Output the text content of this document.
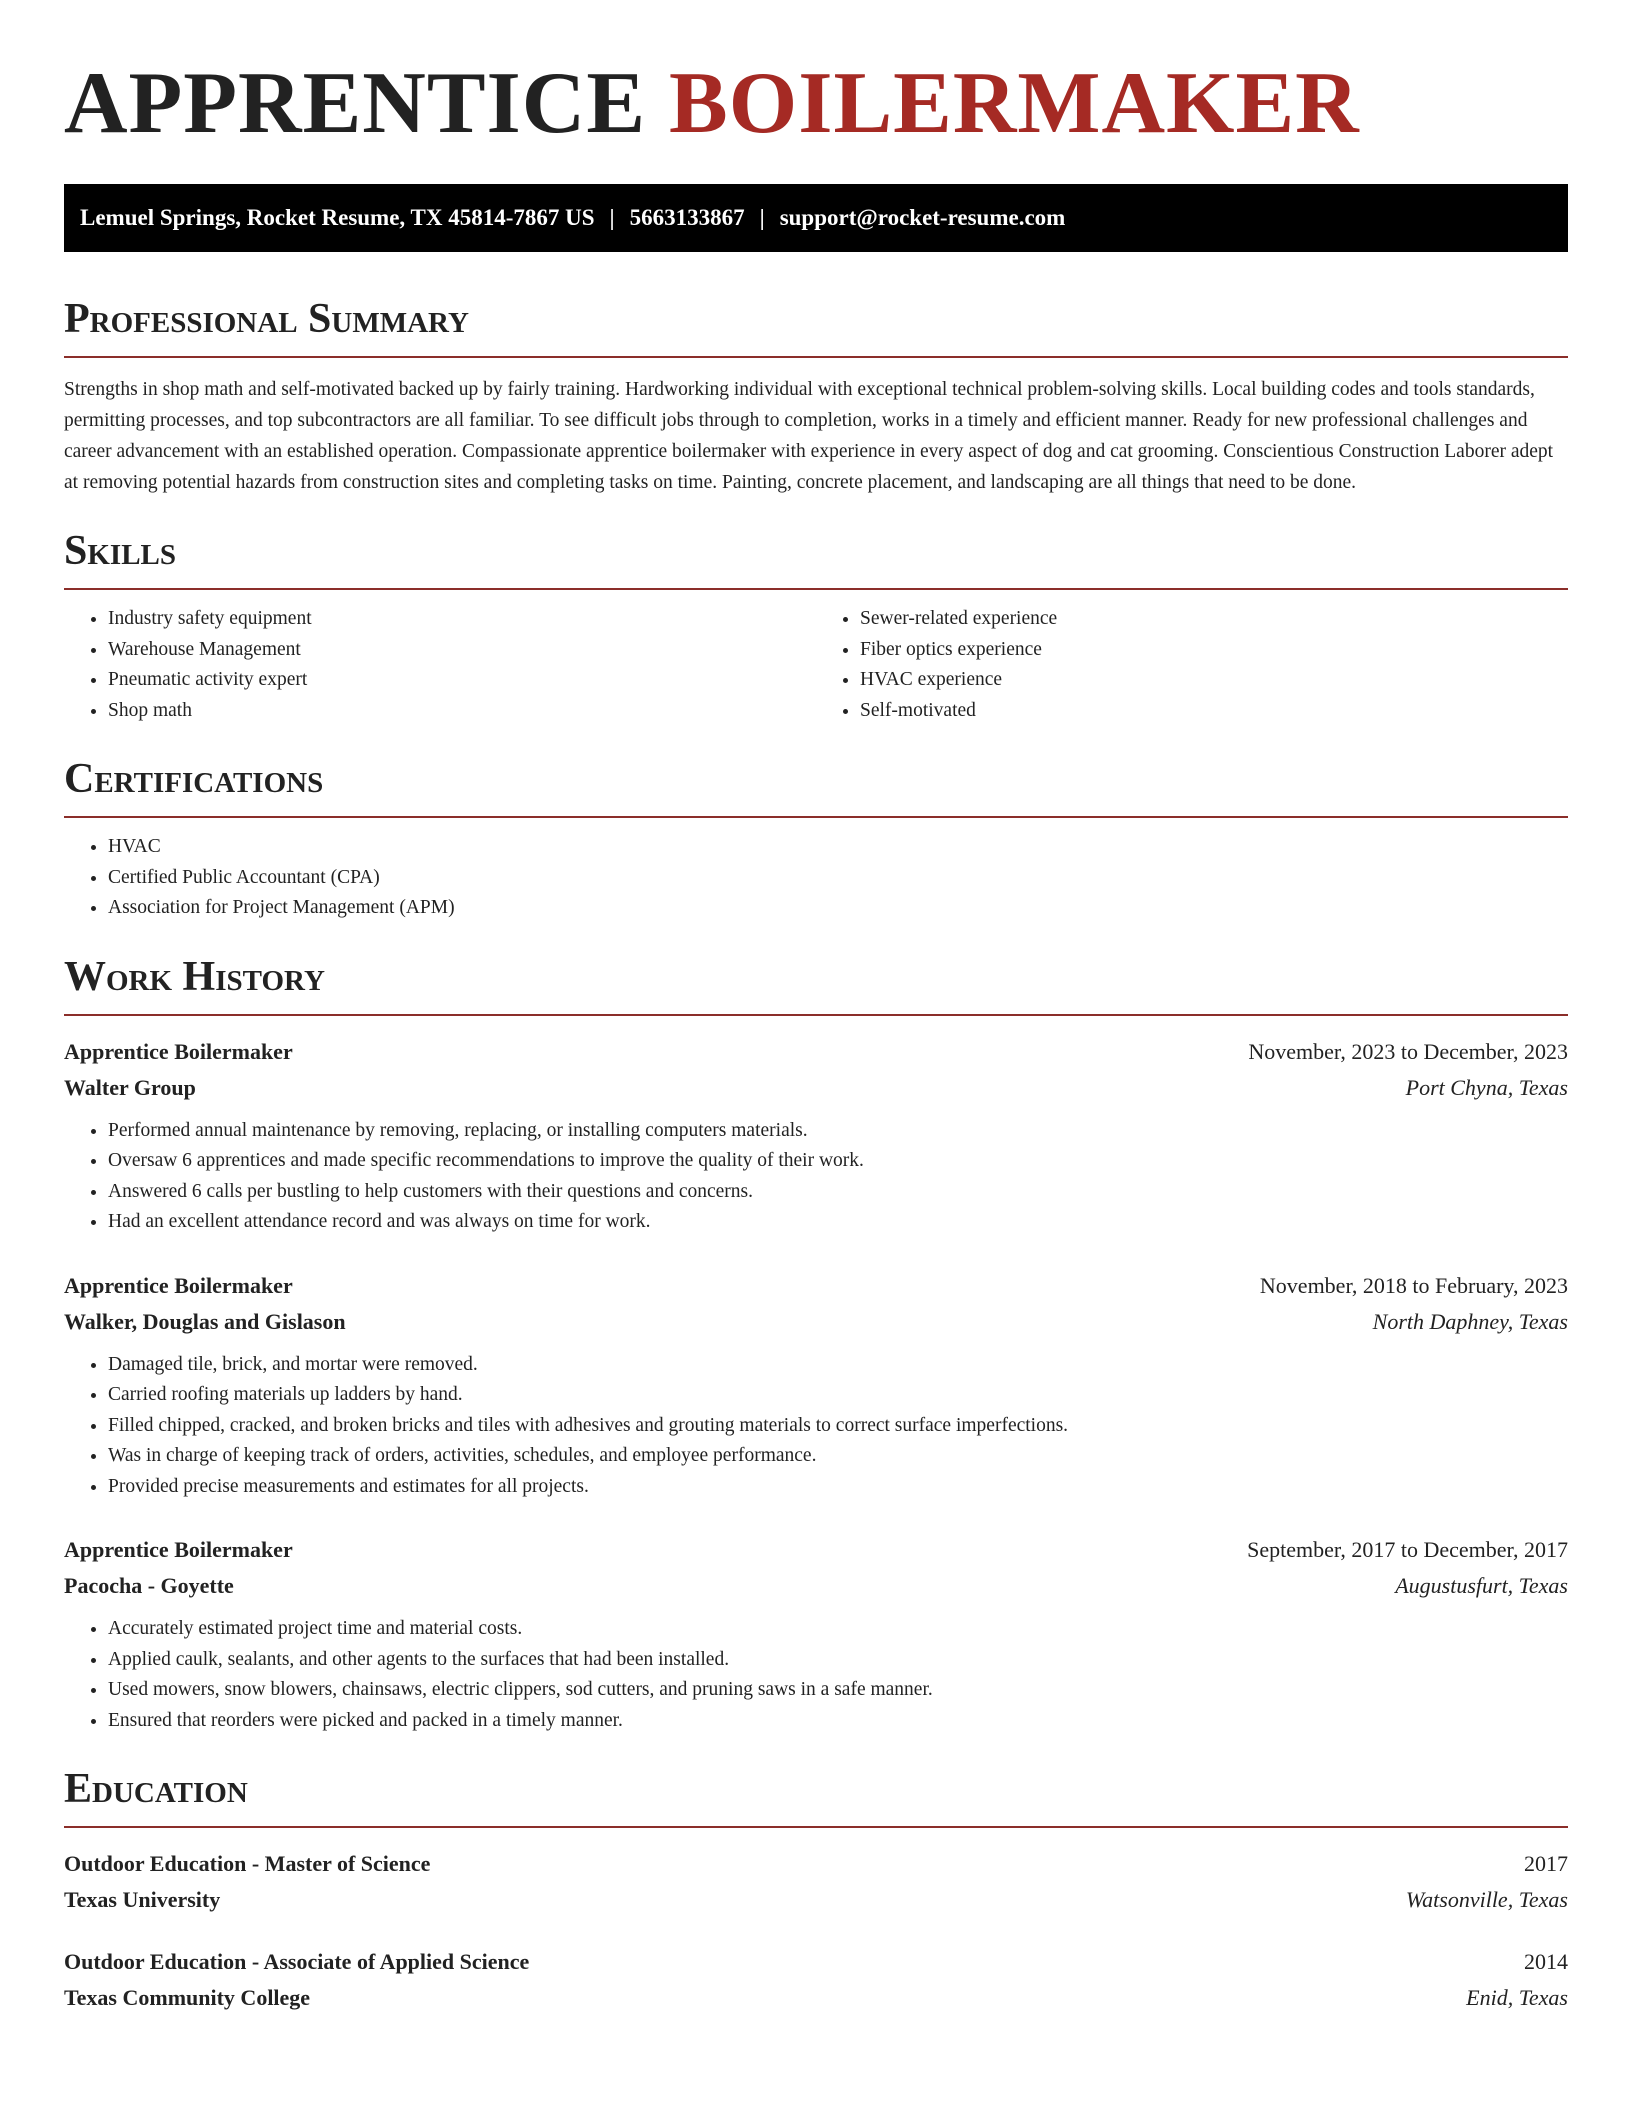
APPRENTICE BOILERMAKER
Lemuel Springs, Rocket Resume, TX 45814-7867 US | 5663133867 | support@rocket-resume.com
Professional Summary

Strengths in shop math and self-motivated backed up by fairly training. Hardworking individual with exceptional technical problem-solving skills. Local building codes and tools standards, permitting processes, and top subcontractors are all familiar. To see difficult jobs through to completion, works in a timely and efficient manner. Ready for new professional challenges and career advancement with an established operation. Compassionate apprentice boilermaker with experience in every aspect of dog and cat grooming. Conscientious Construction Laborer adept at removing potential hazards from construction sites and completing tasks on time. Painting, concrete placement, and landscaping are all things that need to be done.

Skills
• Industry safety equipment
• Warehouse Management
• Pneumatic activity expert
• Shop math
• Sewer-related experience
• Fiber optics experience
• HVAC experience
• Self-motivated
Certifications
• HVAC
• Certified Public Accountant (CPA)
• Association for Project Management (APM)
Work History
Apprentice Boilermaker	November, 2023 to December, 2023
Walter Group	Port Chyna, Texas
• Performed annual maintenance by removing, replacing, or installing computers materials.
• Oversaw 6 apprentices and made specific recommendations to improve the quality of their work.
• Answered 6 calls per bustling to help customers with their questions and concerns.
• Had an excellent attendance record and was always on time for work.
Apprentice Boilermaker	November, 2018 to February, 2023
Walker, Douglas and Gislason	North Daphney, Texas
• Damaged tile, brick, and mortar were removed.
• Carried roofing materials up ladders by hand.
• Filled chipped, cracked, and broken bricks and tiles with adhesives and grouting materials to correct surface imperfections.
• Was in charge of keeping track of orders, activities, schedules, and employee performance.
• Provided precise measurements and estimates for all projects.
Apprentice Boilermaker	September, 2017 to December, 2017
Pacocha - Goyette	Augustusfurt, Texas
• Accurately estimated project time and material costs.
• Applied caulk, sealants, and other agents to the surfaces that had been installed.
• Used mowers, snow blowers, chainsaws, electric clippers, sod cutters, and pruning saws in a safe manner.
• Ensured that reorders were picked and packed in a timely manner.
Education
Outdoor Education - Master of Science	2017
Texas University	Watsonville, Texas
Outdoor Education - Associate of Applied Science	2014
Texas Community College	Enid, Texas
